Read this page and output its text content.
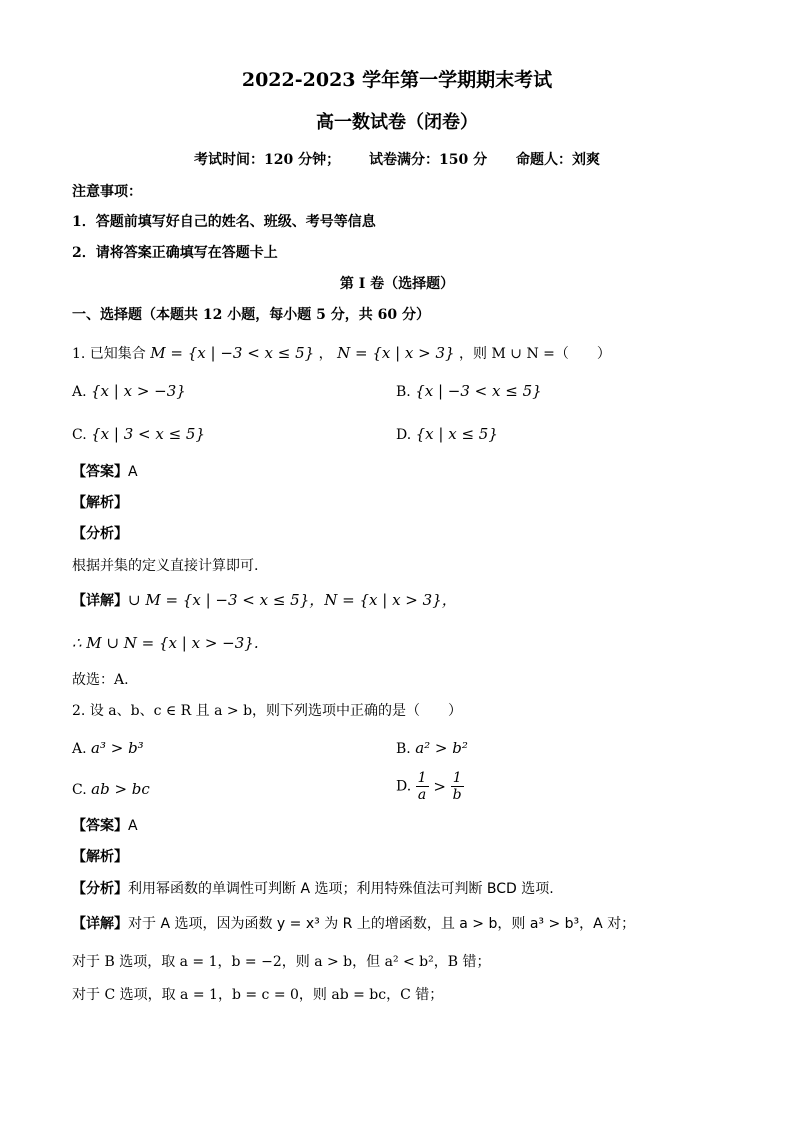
2022-2023 学年第一学期期末考试
高一数试卷（闭卷）
考试时间：120 分钟； 试卷满分：150 分 命题人：刘爽
注意事项：
1．答题前填写好自己的姓名、班级、考号等信息
2．请将答案正确填写在答题卡上
第 I 卷（选择题）
一、选择题（本题共 12 小题，每小题 5 分，共 60 分）
1. 已知集合 M = {x | −3 < x ≤ 5} ， N = {x | x > 3} ，则 M ∪ N =（　　）
A. {x | x > −3}	B. {x | −3 < x ≤ 5}
C. {x | 3 < x ≤ 5}	D. {x | x ≤ 5}
【答案】A
【解析】
【分析】
根据并集的定义直接计算即可.
【详解】∪ M = {x | −3 < x ≤ 5}，N = {x | x > 3}，
∴ M ∪ N = {x | x > −3}.
故选：A.
2. 设 a、b、c ∈ R 且 a > b，则下列选项中正确的是（　　）
A. a³ > b³	B. a² > b²
C. ab > bc	D. $\frac{1}{a} > \frac{1}{b}$
【答案】A
【解析】
【分析】利用幂函数的单调性可判断 A 选项；利用特殊值法可判断 BCD 选项.
【详解】对于 A 选项，因为函数 y = x³ 为 R 上的增函数，且 a > b，则 a³ > b³，A 对；
对于 B 选项，取 a = 1，b = −2，则 a > b，但 a² < b²，B 错；
对于 C 选项，取 a = 1，b = c = 0，则 ab = bc，C 错；
